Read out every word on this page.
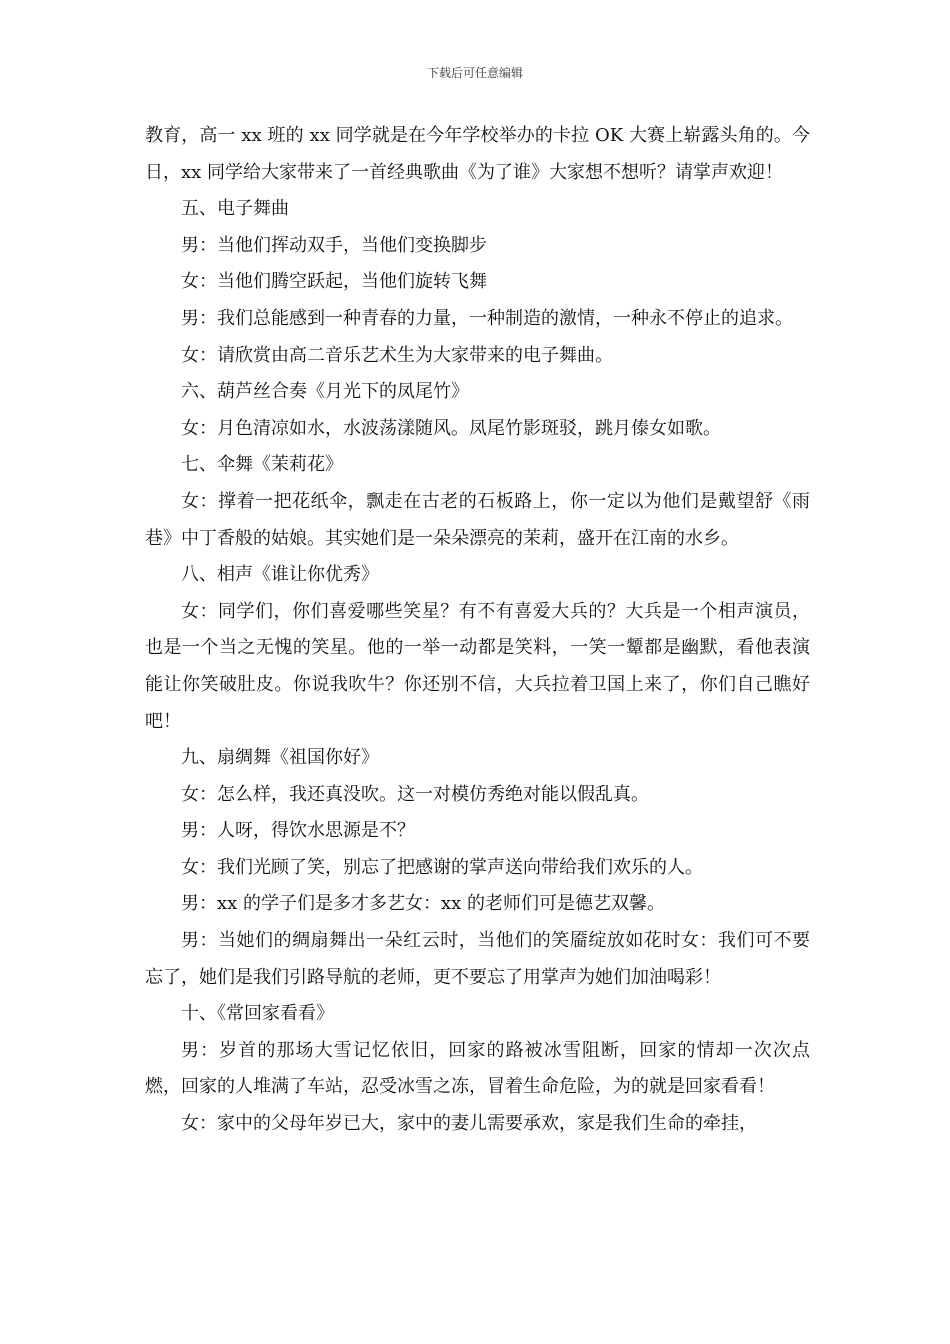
下载后可任意编辑

教育，高一 xx 班的 xx 同学就是在今年学校举办的卡拉 OK 大赛上崭露头角的。今日，xx 同学给大家带来了一首经典歌曲《为了谁》大家想不想听？请掌声欢迎！

五、电子舞曲

男：当他们挥动双手，当他们变换脚步

女：当他们腾空跃起，当他们旋转飞舞

男：我们总能感到一种青春的力量，一种制造的激情，一种永不停止的追求。

女：请欣赏由高二音乐艺术生为大家带来的电子舞曲。

六、葫芦丝合奏《月光下的凤尾竹》

女：月色清凉如水，水波荡漾随风。凤尾竹影斑驳，跳月傣女如歌。

七、伞舞《茉莉花》

女：撑着一把花纸伞，飘走在古老的石板路上，你一定以为他们是戴望舒《雨巷》中丁香般的姑娘。其实她们是一朵朵漂亮的茉莉，盛开在江南的水乡。

八、相声《谁让你优秀》

女：同学们，你们喜爱哪些笑星？有不有喜爱大兵的？大兵是一个相声演员，也是一个当之无愧的笑星。他的一举一动都是笑料，一笑一颦都是幽默，看他表演能让你笑破肚皮。你说我吹牛？你还别不信，大兵拉着卫国上来了，你们自己瞧好吧！

九、扇绸舞《祖国你好》

女：怎么样，我还真没吹。这一对模仿秀绝对能以假乱真。

男：人呀，得饮水思源是不？

女：我们光顾了笑，别忘了把感谢的掌声送向带给我们欢乐的人。

男：xx 的学子们是多才多艺女：xx 的老师们可是德艺双馨。

男：当她们的绸扇舞出一朵红云时，当他们的笑靥绽放如花时女：我们可不要忘了，她们是我们引路导航的老师，更不要忘了用掌声为她们加油喝彩！

十、《常回家看看》

男：岁首的那场大雪记忆依旧，回家的路被冰雪阻断，回家的情却一次次点燃，回家的人堆满了车站，忍受冰雪之冻，冒着生命危险，为的就是回家看看！

女：家中的父母年岁已大，家中的妻儿需要承欢，家是我们生命的牵挂，
